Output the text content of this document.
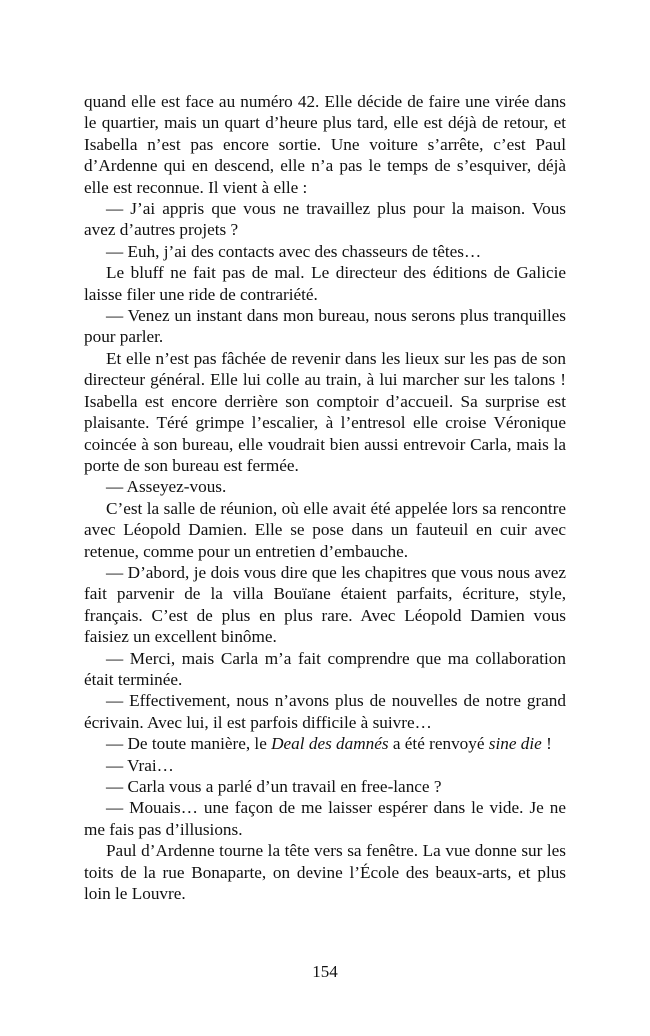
quand elle est face au numéro 42. Elle décide de faire une virée dans le quartier, mais un quart d’heure plus tard, elle est déjà de retour, et Isabella n’est pas encore sortie. Une voiture s’arrête, c’est Paul d’Ardenne qui en descend, elle n’a pas le temps de s’esquiver, déjà elle est reconnue. Il vient à elle :

— J’ai appris que vous ne travaillez plus pour la maison. Vous avez d’autres projets ?

— Euh, j’ai des contacts avec des chasseurs de têtes…

Le bluff ne fait pas de mal. Le directeur des éditions de Galicie laisse filer une ride de contrariété.

— Venez un instant dans mon bureau, nous serons plus tranquilles pour parler.

Et elle n’est pas fâchée de revenir dans les lieux sur les pas de son directeur général. Elle lui colle au train, à lui marcher sur les talons ! Isabella est encore derrière son comptoir d’accueil. Sa surprise est plaisante. Téré grimpe l’escalier, à l’entresol elle croise Véronique coincée à son bureau, elle voudrait bien aussi entrevoir Carla, mais la porte de son bureau est fermée.

— Asseyez-vous.

C’est la salle de réunion, où elle avait été appelée lors sa rencontre avec Léopold Damien. Elle se pose dans un fauteuil en cuir avec retenue, comme pour un entretien d’embauche.

— D’abord, je dois vous dire que les chapitres que vous nous avez fait parvenir de la villa Bouïane étaient parfaits, écriture, style, français. C’est de plus en plus rare. Avec Léopold Damien vous faisiez un excellent binôme.

— Merci, mais Carla m’a fait comprendre que ma collaboration était terminée.

— Effectivement, nous n’avons plus de nouvelles de notre grand écrivain. Avec lui, il est parfois difficile à suivre…

— De toute manière, le Deal des damnés a été renvoyé sine die !

— Vrai…

— Carla vous a parlé d’un travail en free-lance ?

— Mouais… une façon de me laisser espérer dans le vide. Je ne me fais pas d’illusions.

Paul d’Ardenne tourne la tête vers sa fenêtre. La vue donne sur les toits de la rue Bonaparte, on devine l’École des beaux-arts, et plus loin le Louvre.

154
